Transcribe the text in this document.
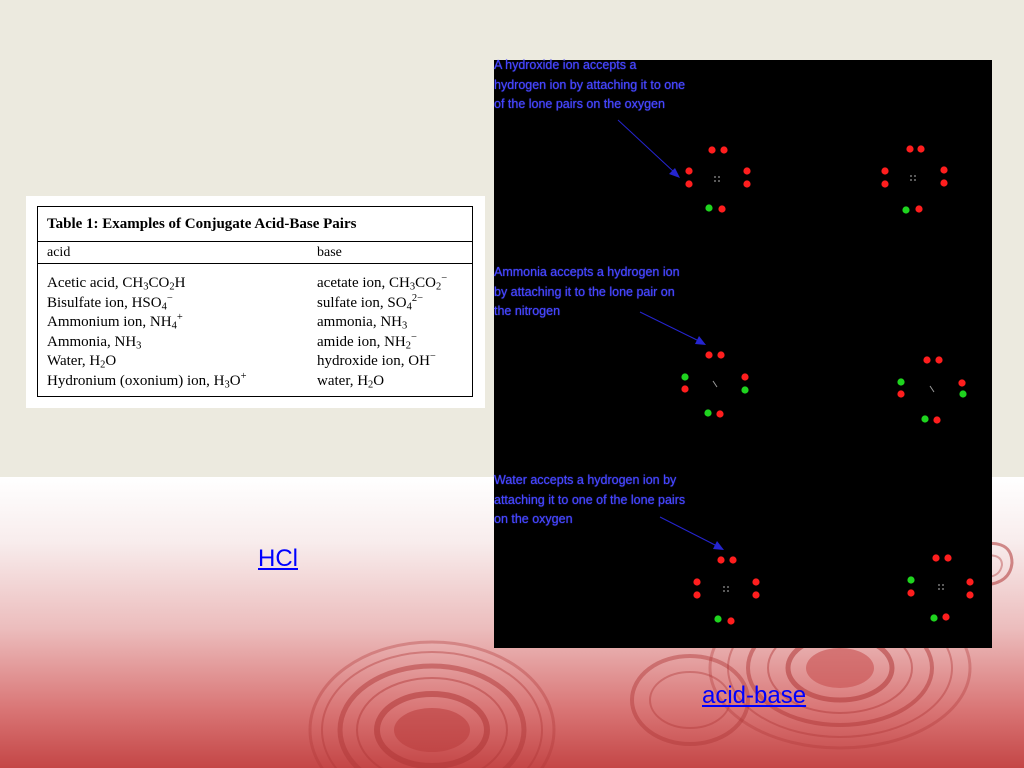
Table 1: Examples of Conjugate Acid-Base Pairs
acid	base
Acetic acid, $CH_3CO_2H$	acetate ion, $CH_3CO_2^-$
Bisulfate ion, $HSO_4^-$	sulfate ion, $SO_4^{2-}$
Ammonium ion, $NH_4^+$	ammonia, $NH_3$
Ammonia, $NH_3$	amide ion, $NH_2^-$
Water, $H_2O$	hydroxide ion, OH−
Hydronium (oxonium) ion, $H_3O^+$	water, $H_2O$
A hydroxide ion accepts a
hydrogen ion by attaching it to one
of the lone pairs on the oxygen
Ammonia accepts a hydrogen ion
by attaching it to the lone pair on
the nitrogen
Water accepts a hydrogen ion by
attaching it to one of the lone pairs
on the oxygen
HCl
acid-base
